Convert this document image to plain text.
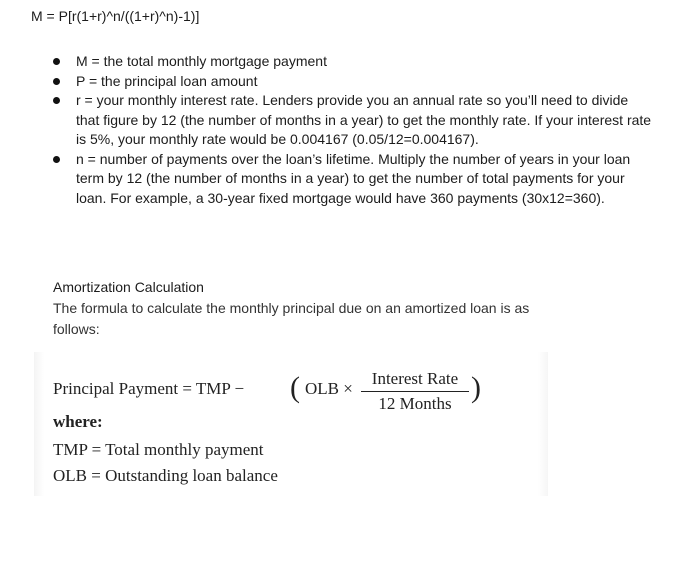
M = P[r(1+r)^n/((1+r)^n)-1)]
M = the total monthly mortgage payment
P = the principal loan amount
r = your monthly interest rate. Lenders provide you an annual rate so you’ll need to divide that figure by 12 (the number of months in a year) to get the monthly rate. If your interest rate is 5%, your monthly rate would be 0.004167 (0.05/12=0.004167).
n = number of payments over the loan’s lifetime. Multiply the number of years in your loan term by 12 (the number of months in a year) to get the number of total payments for your loan. For example, a 30-year fixed mortgage would have 360 payments (30x12=360).
Amortization Calculation

The formula to calculate the monthly principal due on an amortized loan is as follows:

Principal Payment = TMP − ( OLB ×
Interest Rate
12 Months )
where:
TMP = Total monthly payment
OLB = Outstanding loan balance
